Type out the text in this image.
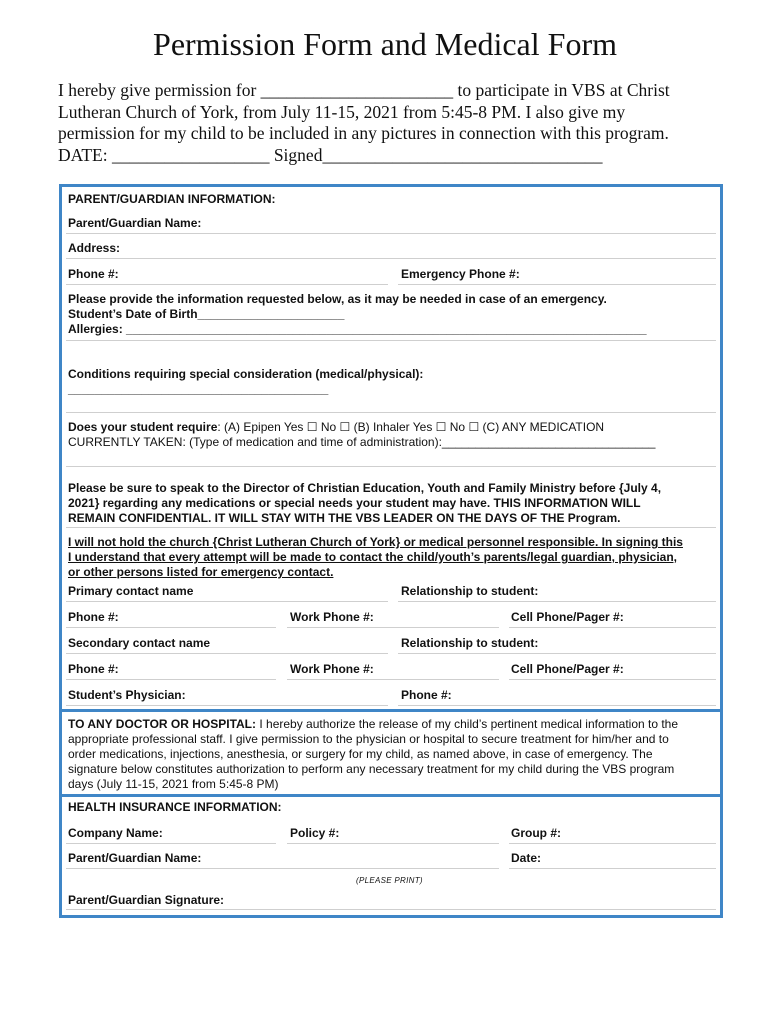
Permission Form and Medical Form
I hereby give permission for ______________________ to participate in VBS at Christ
Lutheran Church of York, from July 11-15, 2021 from 5:45-8 PM. I also give my
permission for my child to be included in any pictures in connection with this program.
DATE: __________________ Signed________________________________
PARENT/GUARDIAN INFORMATION:
Parent/Guardian Name:
Address:
Phone #:	Emergency Phone #:
Please provide the information requested below, as it may be needed in case of an emergency.
Student’s Date of Birth______________________
Allergies: ______________________________________________________________________________
Conditions requiring special consideration (medical/physical):
_______________________________________
Does your student require: (A) Epipen Yes ☐ No ☐ (B) Inhaler Yes ☐ No ☐ (C) ANY MEDICATION
CURRENTLY TAKEN: (Type of medication and time of administration):________________________________
Please be sure to speak to the Director of Christian Education, Youth and Family Ministry before {July 4,
2021} regarding any medications or special needs your student may have. THIS INFORMATION WILL
REMAIN CONFIDENTIAL. IT WILL STAY WITH THE VBS LEADER ON THE DAYS OF THE Program.
I will not hold the church {Christ Lutheran Church of York} or medical personnel responsible. In signing this
I understand that every attempt will be made to contact the child/youth’s parents/legal guardian, physician,
or other persons listed for emergency contact.
Primary contact name	Relationship to student:
Phone #:	Work Phone #:	Cell Phone/Pager #:
Secondary contact name	Relationship to student:
Phone #:	Work Phone #:	Cell Phone/Pager #:
Student’s Physician:	Phone #:
TO ANY DOCTOR OR HOSPITAL: I hereby authorize the release of my child’s pertinent medical information to the
appropriate professional staff. I give permission to the physician or hospital to secure treatment for him/her and to
order medications, injections, anesthesia, or surgery for my child, as named above, in case of emergency. The
signature below constitutes authorization to perform any necessary treatment for my child during the VBS program
days (July 11-15, 2021 from 5:45-8 PM)
HEALTH INSURANCE INFORMATION:
Company Name:	Policy #:	Group #:
Parent/Guardian Name:	Date:
(PLEASE PRINT)
Parent/Guardian Signature:
